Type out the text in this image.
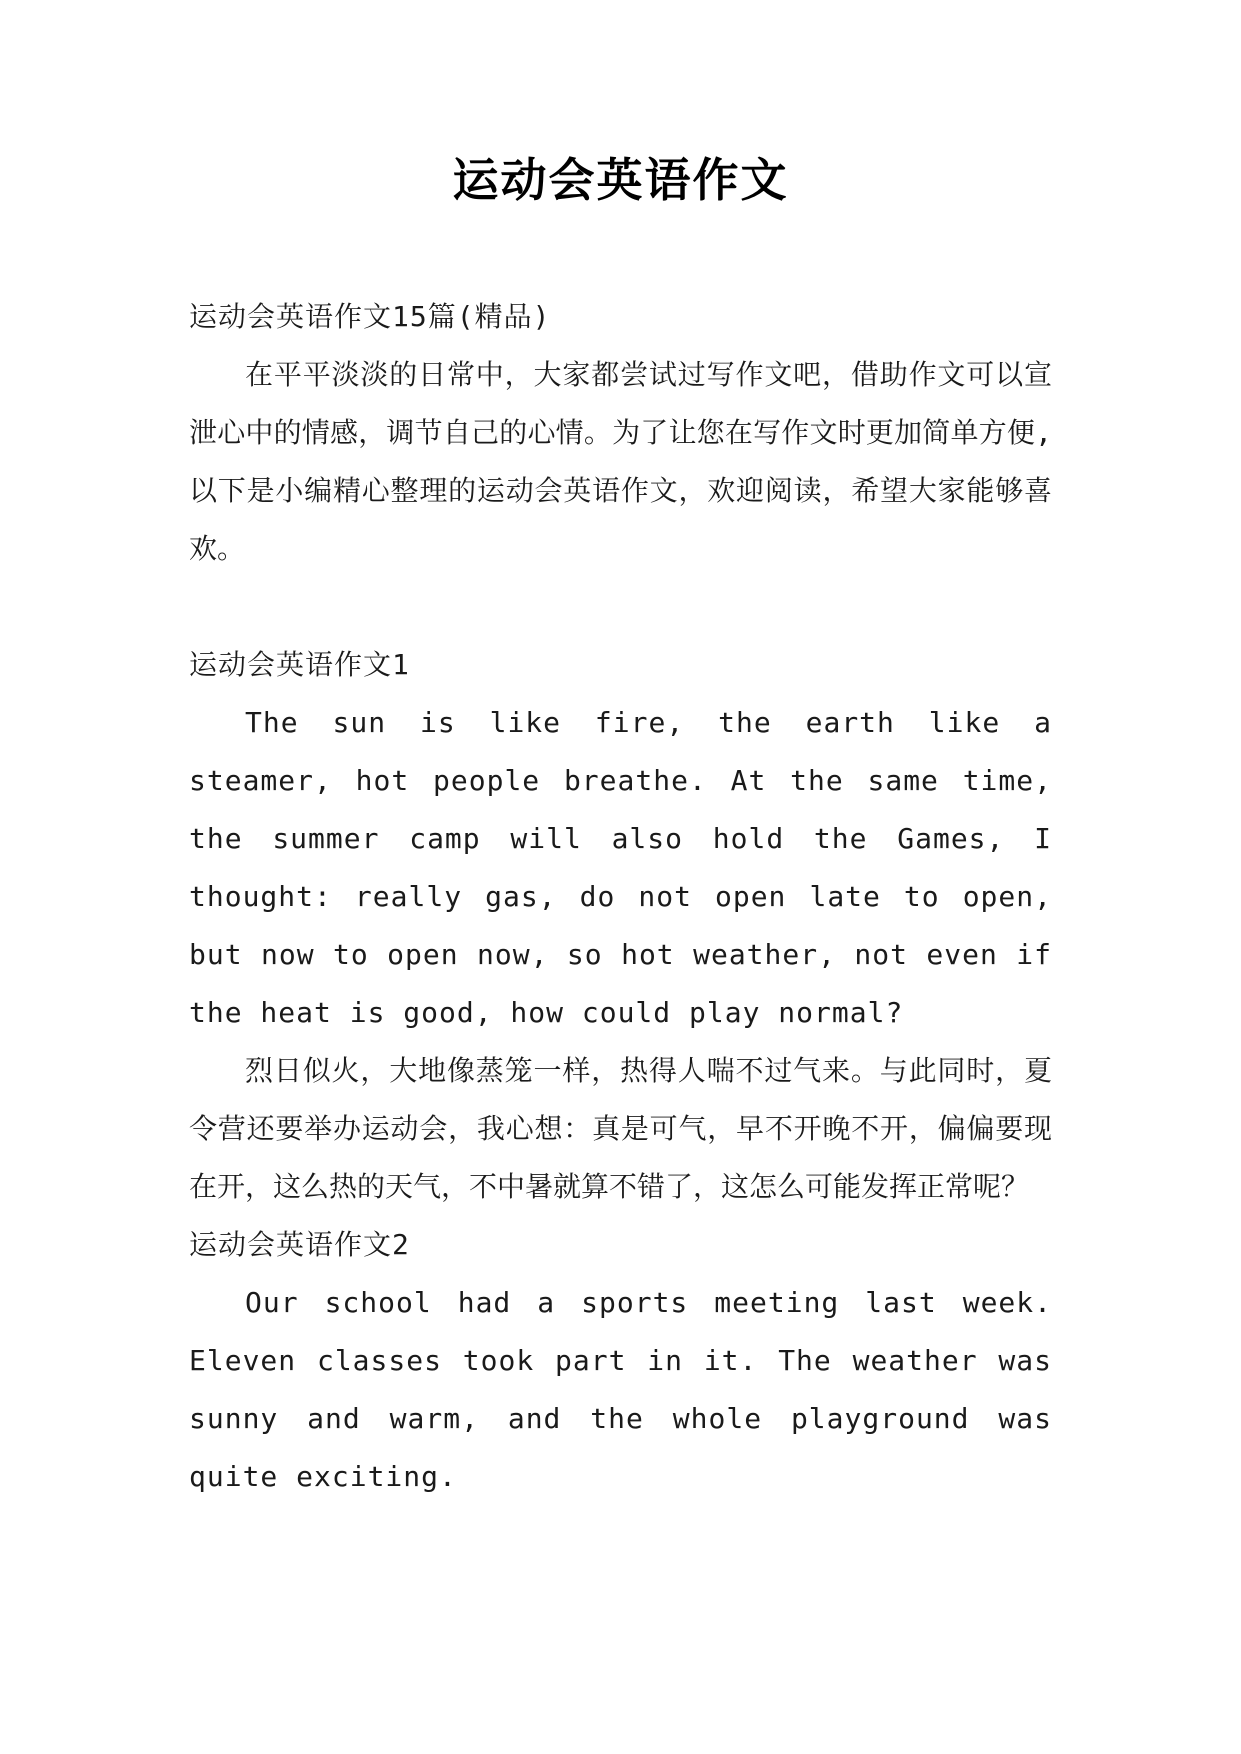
运动会英语作文

运动会英语作文15篇(精品)

在平平淡淡的日常中，大家都尝试过写作文吧，借助作文可以宣泄心中的情感，调节自己的心情。为了让您在写作文时更加简单方便,以下是小编精心整理的运动会英语作文，欢迎阅读，希望大家能够喜欢。

运动会英语作文1

The sun is like fire, the earth like a steamer, hot people breathe. At the same time, the summer camp will also hold the Games, I thought: really gas, do not open late to open, but now to open now, so hot weather, not even if the heat is good, how could play normal?

烈日似火，大地像蒸笼一样，热得人喘不过气来。与此同时，夏令营还要举办运动会，我心想：真是可气，早不开晚不开，偏偏要现在开，这么热的天气，不中暑就算不错了，这怎么可能发挥正常呢？

运动会英语作文2

Our school had a sports meeting last week. Eleven classes took part in it. The weather was sunny and warm, and the whole playground was quite exciting.
